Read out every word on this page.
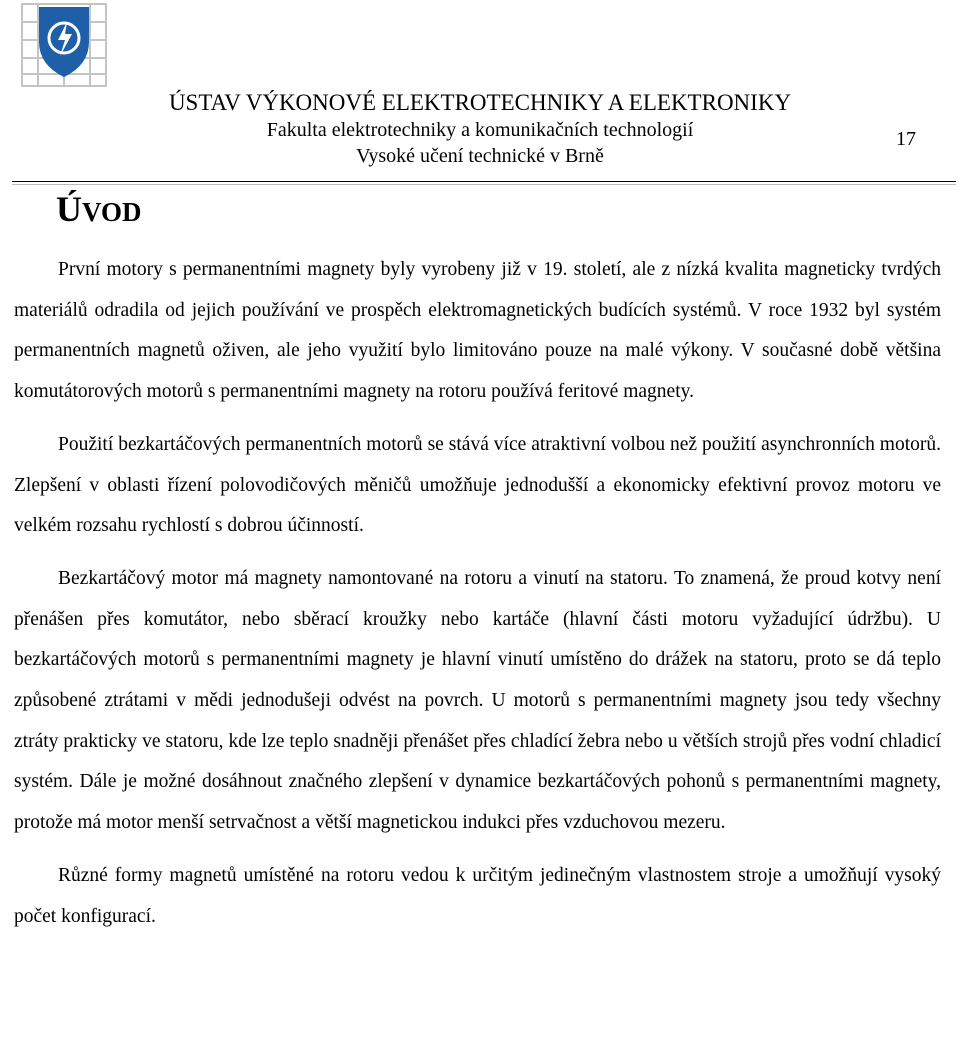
ÚSTAV VÝKONOVÉ ELEKTROTECHNIKY A ELEKTRONIKY
Fakulta elektrotechniky a komunikačních technologií
Vysoké učení technické v Brně
17
ÚVOD

První motory s permanentními magnety byly vyrobeny již v 19. století, ale z nízká kvalita magneticky tvrdých materiálů odradila od jejich používání ve prospěch elektromagnetických budících systémů. V roce 1932 byl systém permanentních magnetů oživen, ale jeho využití bylo limitováno pouze na malé výkony. V současné době většina komutátorových motorů s permanentními magnety na rotoru používá feritové magnety.

Použití bezkartáčových permanentních motorů se stává více atraktivní volbou než použití asynchronních motorů. Zlepšení v oblasti řízení polovodičových měničů umožňuje jednodušší a ekonomicky efektivní provoz motoru ve velkém rozsahu rychlostí s dobrou účinností.

Bezkartáčový motor má magnety namontované na rotoru a vinutí na statoru. To znamená, že proud kotvy není přenášen přes komutátor, nebo sběrací kroužky nebo kartáče (hlavní části motoru vyžadující údržbu). U bezkartáčových motorů s permanentními magnety je hlavní vinutí umístěno do drážek na statoru, proto se dá teplo způsobené ztrátami v mědi jednodušeji odvést na povrch. U motorů s permanentními magnety jsou tedy všechny ztráty prakticky ve statoru, kde lze teplo snadněji přenášet přes chladící žebra nebo u větších strojů přes vodní chladicí systém. Dále je možné dosáhnout značného zlepšení v dynamice bezkartáčových pohonů s permanentními magnety, protože má motor menší setrvačnost a větší magnetickou indukci přes vzduchovou mezeru.

Různé formy magnetů umístěné na rotoru vedou k určitým jedinečným vlastnostem stroje a umožňují vysoký počet konfigurací.
